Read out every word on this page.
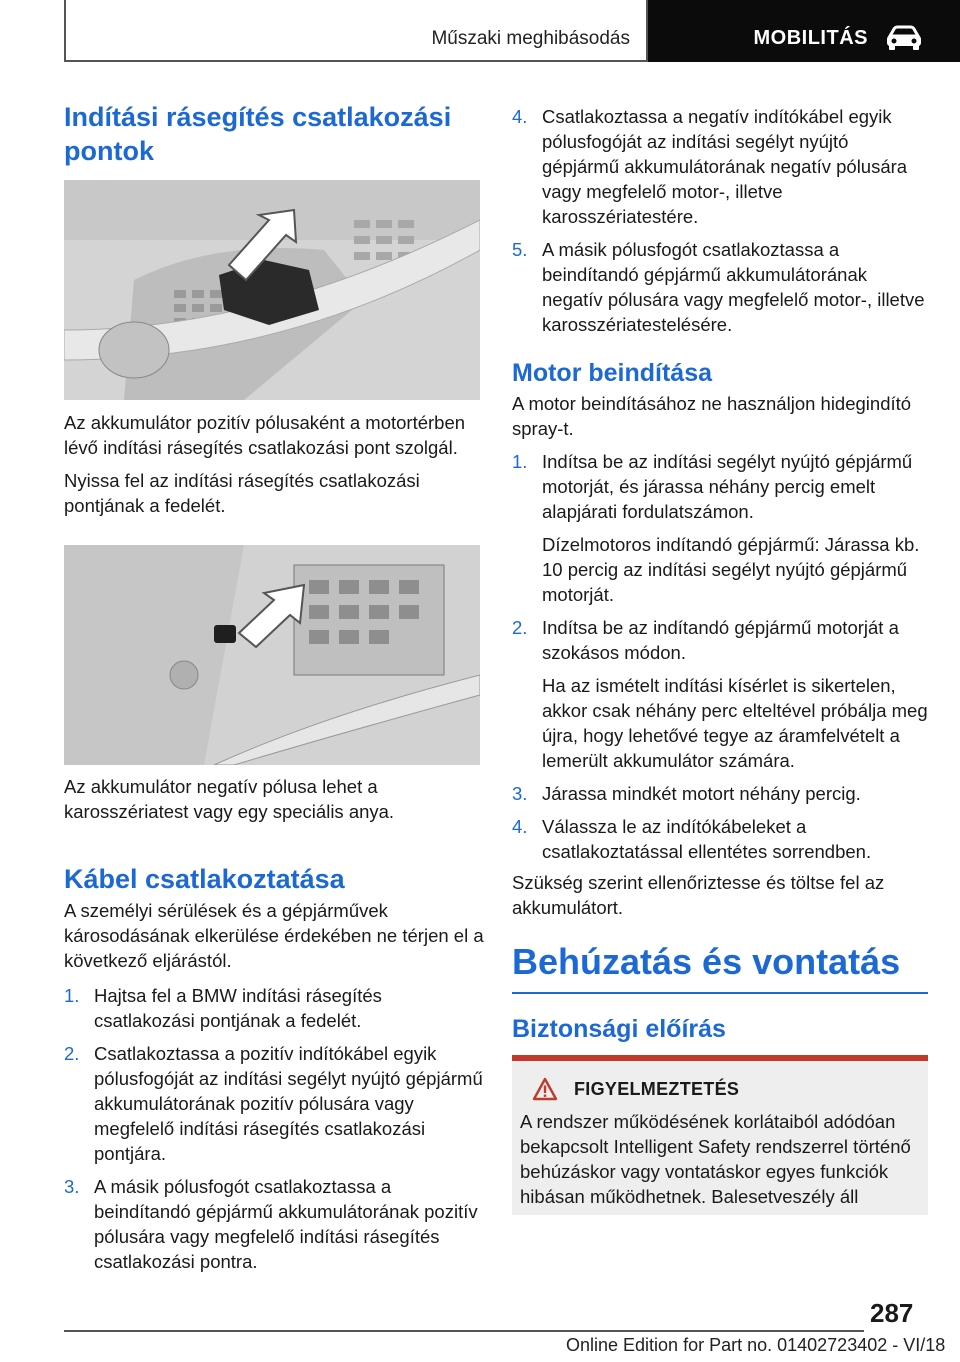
Műszaki meghibásodás	MOBILITÁS
Indítási rásegítés csatlakozási pontok

Az akkumulátor pozitív pólusaként a motortérben lévő indítási rásegítés csatlakozási pont szolgál.

Nyissa fel az indítási rásegítés csatlakozási pontjának a fedelét.

Az akkumulátor negatív pólusa lehet a karosszériatest vagy egy speciális anya.

Kábel csatlakoztatása

A személyi sérülések és a gépjárművek károsodásának elkerülése érdekében ne térjen el a következő eljárástól.

1. Hajtsa fel a BMW indítási rásegítés csatlakozási pontjának a fedelét.
2. Csatlakoztassa a pozitív indítókábel egyik pólusfogóját az indítási segélyt nyújtó gépjármű akkumulátorának pozitív pólusára vagy megfelelő indítási rásegítés csatlakozási pontjára.
3. A másik pólusfogót csatlakoztassa a beindítandó gépjármű akkumulátorának pozitív pólusára vagy megfelelő indítási rásegítés csatlakozási pontra.
4. Csatlakoztassa a negatív indítókábel egyik pólusfogóját az indítási segélyt nyújtó gépjármű akkumulátorának negatív pólusára vagy megfelelő motor-, illetve karosszériatestére.
5. A másik pólusfogót csatlakoztassa a beindítandó gépjármű akkumulátorának negatív pólusára vagy megfelelő motor-, illetve karosszériatestelésére.
Motor beindítása

A motor beindításához ne használjon hidegindító spray-t.

1. Indítsa be az indítási segélyt nyújtó gépjármű motorját, és járassa néhány percig emelt alapjárati fordulatszámon.
Dízelmotoros indítandó gépjármű: Járassa kb. 10 percig az indítási segélyt nyújtó gépjármű motorját.
2. Indítsa be az indítandó gépjármű motorját a szokásos módon.
Ha az ismételt indítási kísérlet is sikertelen, akkor csak néhány perc elteltével próbálja meg újra, hogy lehetővé tegye az áramfelvételt a lemerült akkumulátor számára.
3. Járassa mindkét motort néhány percig.
4. Válassza le az indítókábeleket a csatlakoztatással ellentétes sorrendben.

Szükség szerint ellenőriztesse és töltse fel az akkumulátort.

Behúzatás és vontatás
Biztonsági előírás
FIGYELMEZTETÉS
A rendszer működésének korlátaiból adódóan bekapcsolt Intelligent Safety rendszerrel történő behúzáskor vagy vontatáskor egyes funkciók hibásan működhetnek. Balesetveszély áll
287
Online Edition for Part no. 01402723402 - VI/18
